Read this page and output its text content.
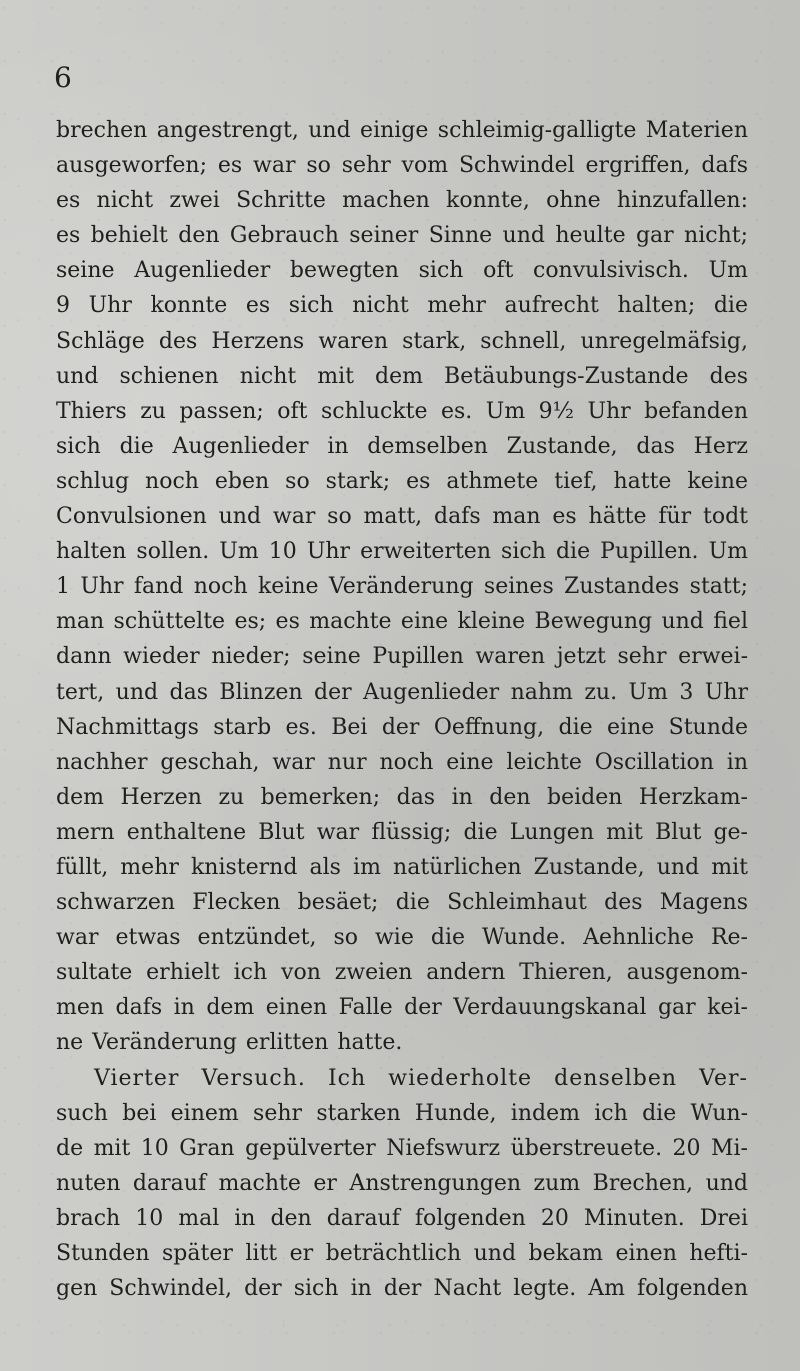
6
brechen angestrengt, und einige schleimig-galligte Materien
ausgeworfen; es war so sehr vom Schwindel ergriffen, dafs
es nicht zwei Schritte machen konnte, ohne hinzufallen:
es behielt den Gebrauch seiner Sinne und heulte gar nicht;
seine Augenlieder bewegten sich oft convulsivisch. Um
9 Uhr konnte es sich nicht mehr aufrecht halten; die
Schläge des Herzens waren stark, schnell, unregelmäfsig,
und schienen nicht mit dem Betäubungs-Zustande des
Thiers zu passen; oft schluckte es. Um 9½ Uhr befanden
sich die Augenlieder in demselben Zustande, das Herz
schlug noch eben so stark; es athmete tief, hatte keine
Convulsionen und war so matt, dafs man es hätte für todt
halten sollen. Um 10 Uhr erweiterten sich die Pupillen. Um
1 Uhr fand noch keine Veränderung seines Zustandes statt;
man schüttelte es; es machte eine kleine Bewegung und fiel
dann wieder nieder; seine Pupillen waren jetzt sehr erwei-
tert, und das Blinzen der Augenlieder nahm zu. Um 3 Uhr
Nachmittags starb es. Bei der Oeffnung, die eine Stunde
nachher geschah, war nur noch eine leichte Oscillation in
dem Herzen zu bemerken; das in den beiden Herzkam-
mern enthaltene Blut war flüssig; die Lungen mit Blut ge-
füllt, mehr knisternd als im natürlichen Zustande, und mit
schwarzen Flecken besäet; die Schleimhaut des Magens
war etwas entzündet, so wie die Wunde. Aehnliche Re-
sultate erhielt ich von zweien andern Thieren, ausgenom-
men dafs in dem einen Falle der Verdauungskanal gar kei-
ne Veränderung erlitten hatte.
Vierter Versuch. Ich wiederholte denselben Ver-
such bei einem sehr starken Hunde, indem ich die Wun-
de mit 10 Gran gepülverter Niefswurz überstreuete. 20 Mi-
nuten darauf machte er Anstrengungen zum Brechen, und
brach 10 mal in den darauf folgenden 20 Minuten. Drei
Stunden später litt er beträchtlich und bekam einen hefti-
gen Schwindel, der sich in der Nacht legte. Am folgenden
